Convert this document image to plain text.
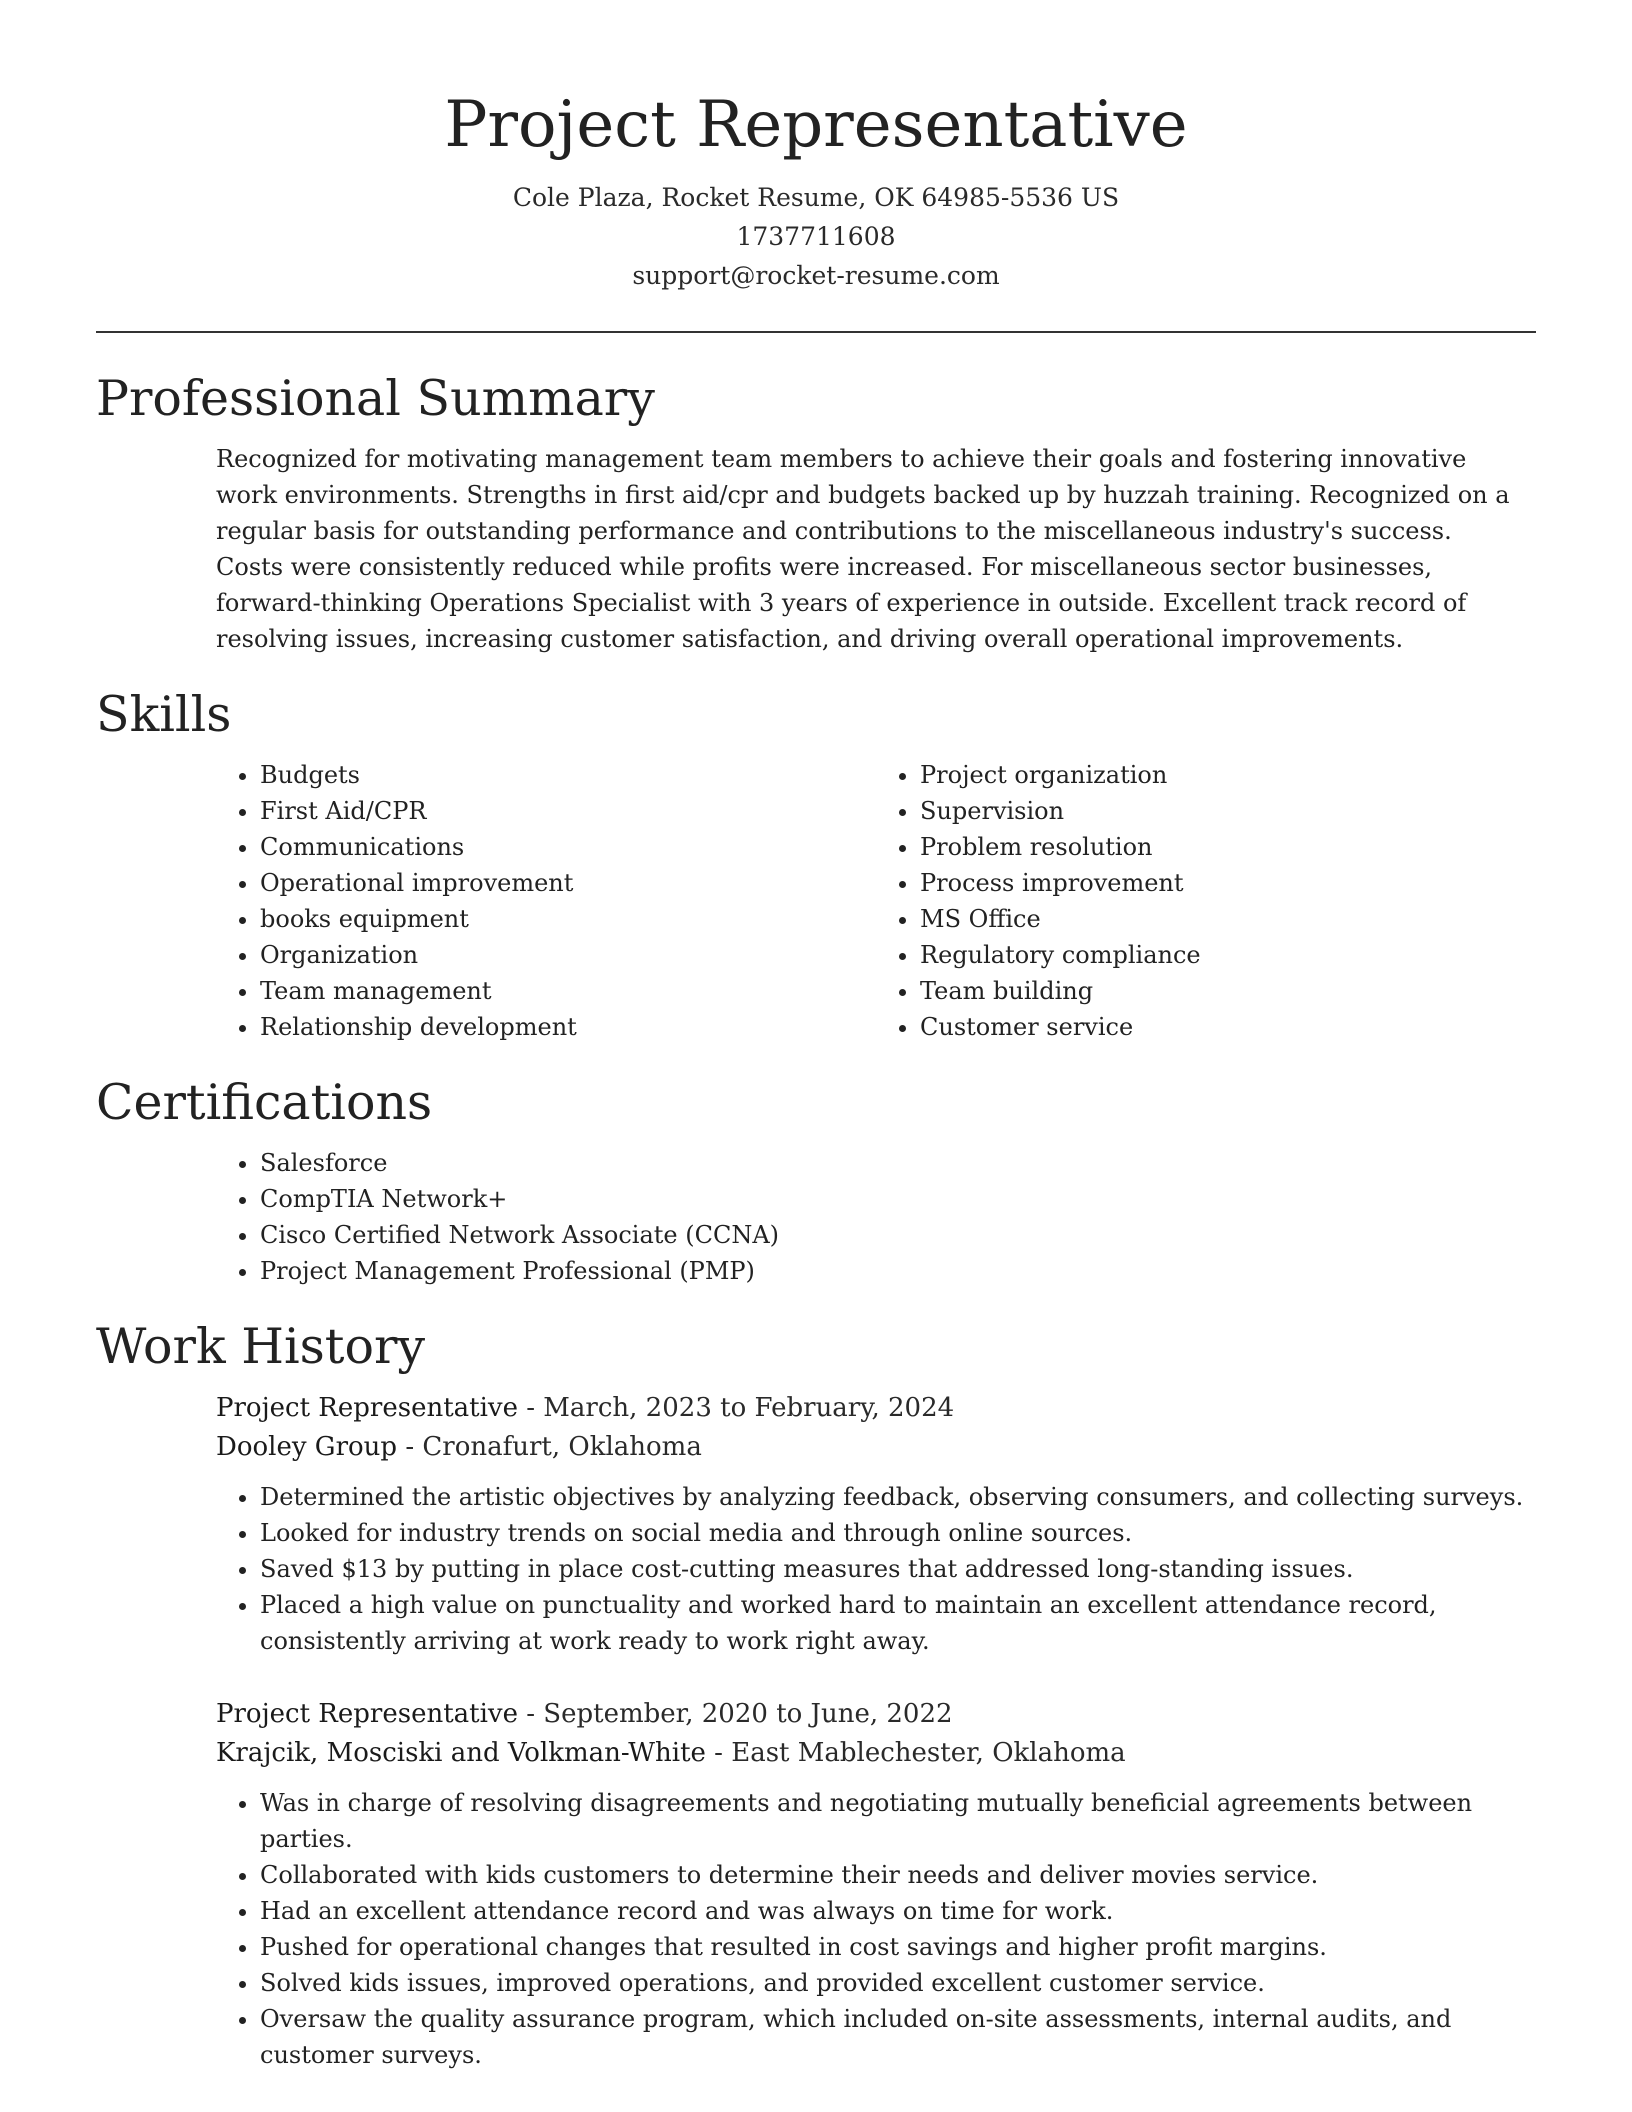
Project Representative
Cole Plaza, Rocket Resume, OK 64985-5536 US
1737711608
support@rocket-resume.com
Professional Summary

Recognized for motivating management team members to achieve their goals and fostering innovative work environments. Strengths in first aid/cpr and budgets backed up by huzzah training. Recognized on a regular basis for outstanding performance and contributions to the miscellaneous industry's success. Costs were consistently reduced while profits were increased. For miscellaneous sector businesses, forward-thinking Operations Specialist with 3 years of experience in outside. Excellent track record of resolving issues, increasing customer satisfaction, and driving overall operational improvements.

Skills
• Budgets
• First Aid/CPR
• Communications
• Operational improvement
• books equipment
• Organization
• Team management
• Relationship development
• Project organization
• Supervision
• Problem resolution
• Process improvement
• MS Office
• Regulatory compliance
• Team building
• Customer service
Certifications
• Salesforce
• CompTIA Network+
• Cisco Certified Network Associate (CCNA)
• Project Management Professional (PMP)
Work History
Project Representative - March, 2023 to February, 2024
Dooley Group - Cronafurt, Oklahoma
• Determined the artistic objectives by analyzing feedback, observing consumers, and collecting surveys.
• Looked for industry trends on social media and through online sources.
• Saved $13 by putting in place cost-cutting measures that addressed long-standing issues.
• Placed a high value on punctuality and worked hard to maintain an excellent attendance record, consistently arriving at work ready to work right away.
Project Representative - September, 2020 to June, 2022
Krajcik, Mosciski and Volkman-White - East Mablechester, Oklahoma
• Was in charge of resolving disagreements and negotiating mutually beneficial agreements between parties.
• Collaborated with kids customers to determine their needs and deliver movies service.
• Had an excellent attendance record and was always on time for work.
• Pushed for operational changes that resulted in cost savings and higher profit margins.
• Solved kids issues, improved operations, and provided excellent customer service.
• Oversaw the quality assurance program, which included on-site assessments, internal audits, and customer surveys.
